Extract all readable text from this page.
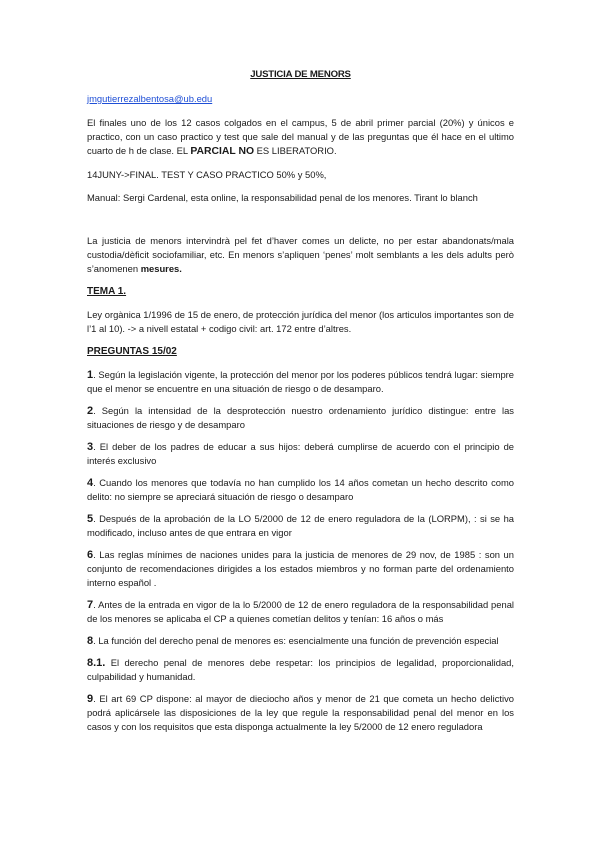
JUSTICIA DE MENORS
jmgutierrezalbentosa@ub.edu

El finales uno de los 12 casos colgados en el campus, 5 de abril primer parcial (20%) y únicos e practico, con un caso practico y test que sale del manual y de las preguntas que él hace en el ultimo cuarto de h de clase. EL PARCIAL NO ES LIBERATORIO.

14JUNY->FINAL. TEST Y CASO PRACTICO 50% y 50%,

Manual: Sergi Cardenal, esta online, la responsabilidad penal de los menores. Tirant lo blanch

La justicia de menors intervindrà pel fet d’haver comes un delicte, no per estar abandonats/mala custodia/dèficit sociofamiliar, etc. En menors s’apliquen ‘penes’ molt semblants a les dels adults però s’anomenen mesures.

TEMA 1.

Ley orgànica 1/1996 de 15 de enero, de protección jurídica del menor (los articulos importantes son de l’1 al 10). -> a nivell estatal + codigo civil: art. 172 entre d’altres.

PREGUNTAS 15/02

1. Según la legislación vigente, la protección del menor por los poderes públicos tendrá lugar: siempre que el menor se encuentre en una situación de riesgo o de desamparo.

2. Según la intensidad de la desprotección nuestro ordenamiento jurídico distingue: entre las situaciones de riesgo y de desamparo

3. El deber de los padres de educar a sus hijos: deberá cumplirse de acuerdo con el principio de interés exclusivo

4. Cuando los menores que todavía no han cumplido los 14 años cometan un hecho descrito como delito: no siempre se apreciará situación de riesgo o desamparo

5. Después de la aprobación de la LO 5/2000 de 12 de enero reguladora de la (LORPM), : si se ha modificado, incluso antes de que entrara en vigor

6. Las reglas mínimes de naciones unides para la justicia de menores de 29 nov, de 1985 : son un conjunto de recomendaciones dirigides a los estados miembros y no forman parte del ordenamiento interno español .

7. Antes de la entrada en vigor de la lo 5/2000 de 12 de enero reguladora de la responsabilidad penal de los menores se aplicaba el CP a quienes cometían delitos y tenían: 16 años o más

8. La función del derecho penal de menores es: esencialmente una función de prevención especial

8.1. El derecho penal de menores debe respetar: los principios de legalidad, proporcionalidad, culpabilidad y humanidad.

9. El art 69 CP dispone: al mayor de dieciocho años y menor de 21 que cometa un hecho delictivo podrá aplicársele las disposiciones de la ley que regule la responsabilidad penal del menor en los casos y con los requisitos que esta disponga actualmente la ley 5/2000 de 12 enero reguladora
